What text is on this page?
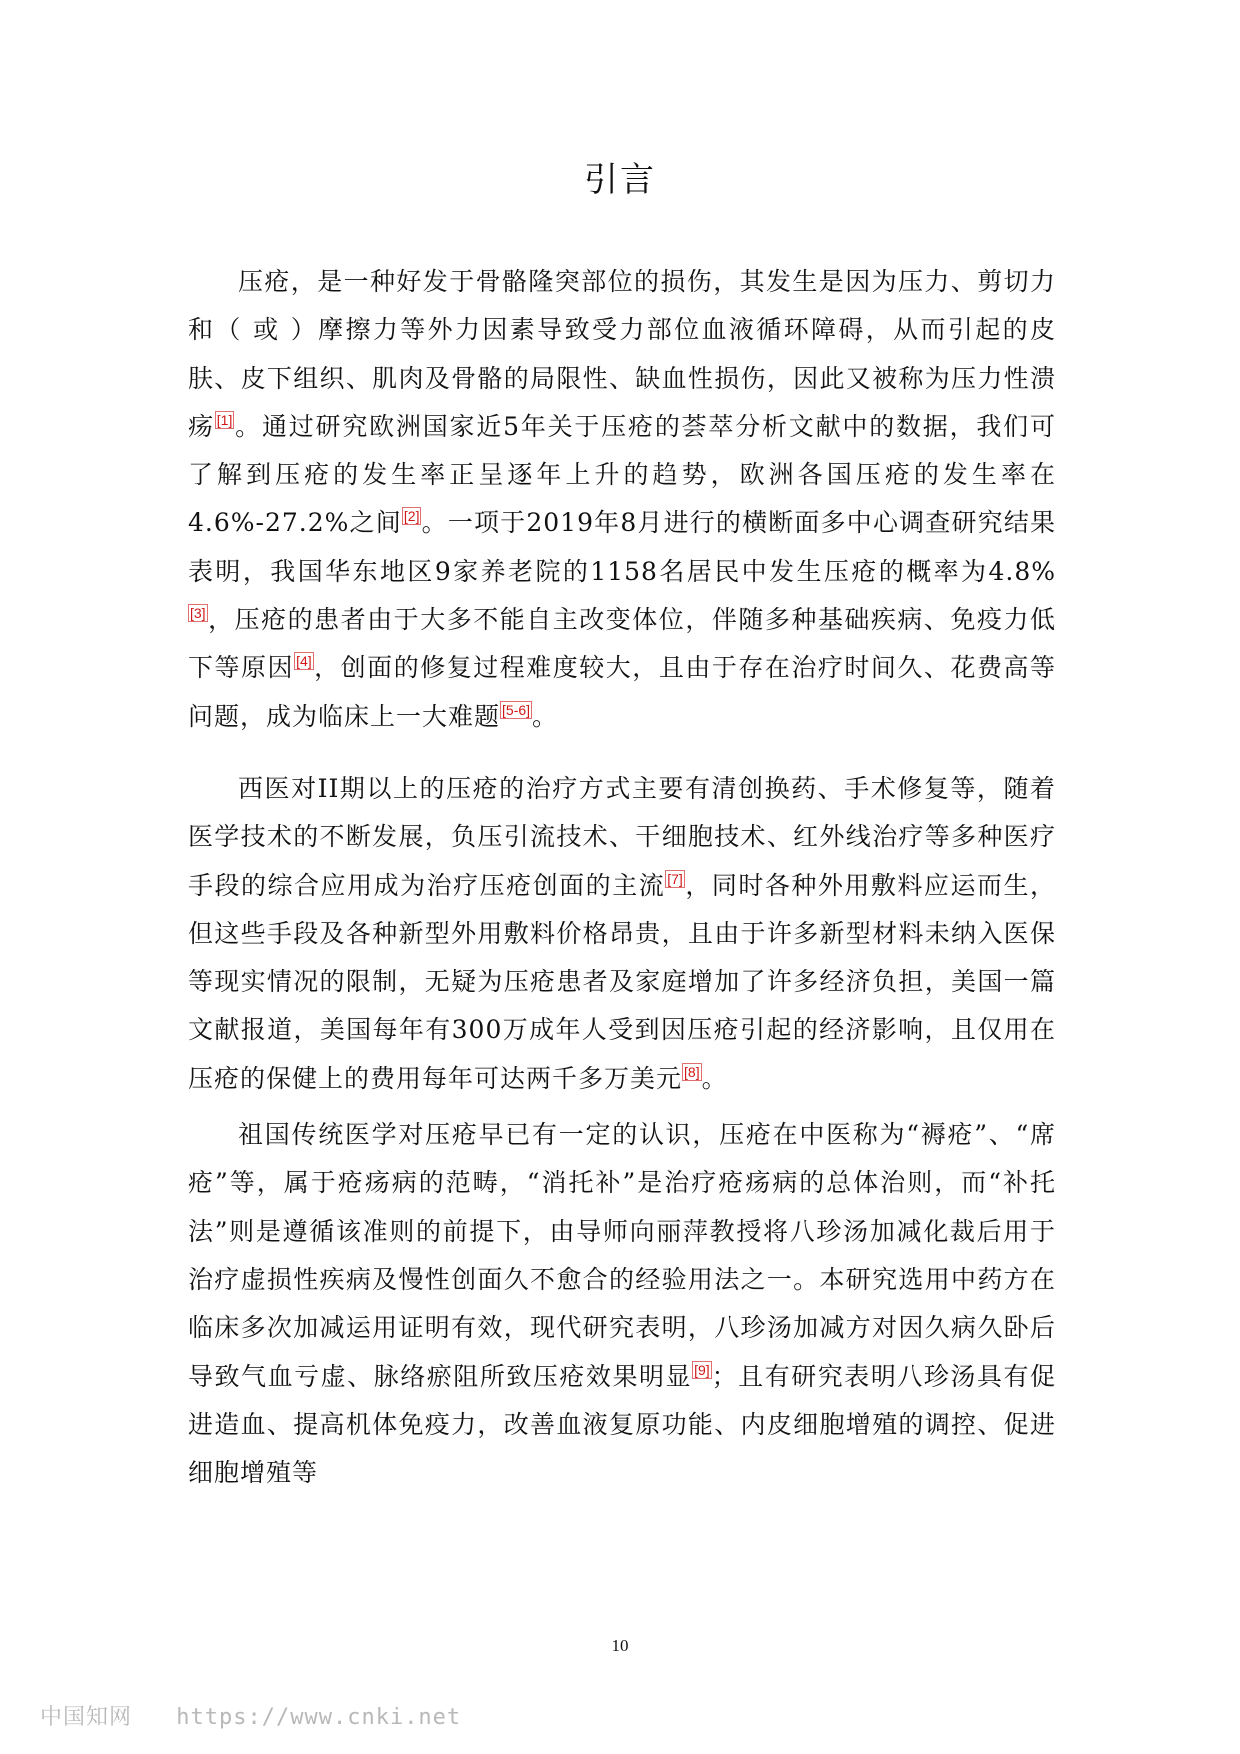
引言

压疮，是一种好发于骨骼隆突部位的损伤，其发生是因为压力、剪切力和（ 或 ）摩擦力等外力因素导致受力部位血液循环障碍，从而引起的皮肤、皮下组织、肌肉及骨骼的局限性、缺血性损伤，因此又被称为压力性溃疡 [1]。通过研究欧洲国家近5年关于压疮的荟萃分析文献中的数据，我们可了解到压疮的发生率正呈逐年上升的趋势，欧洲各国压疮的发生率在4.6%-27.2%之间 [2]。一项于2019年8月进行的横断面多中心调查研究结果表明，我国华东地区9家养老院的1158名居民中发生压疮的概率为4.8%[3]，压疮的患者由于大多不能自主改变体位，伴随多种基础疾病、免疫力低下等原因 [4]，创面的修复过程难度较大，且由于存在治疗时间久、花费高等问题，成为临床上一大难题 [5-6]。

西医对II期以上的压疮的治疗方式主要有清创换药、手术修复等，随着医学技术的不断发展，负压引流技术、干细胞技术、红外线治疗等多种医疗手段的综合应用成为治疗压疮创面的主流 [7]，同时各种外用敷料应运而生，但这些手段及各种新型外用敷料价格昂贵，且由于许多新型材料未纳入医保等现实情况的限制，无疑为压疮患者及家庭增加了许多经济负担，美国一篇文献报道，美国每年有300万成年人受到因压疮引起的经济影响，且仅用在压疮的保健上的费用每年可达两千多万美元 [8]。

祖国传统医学对压疮早已有一定的认识，压疮在中医称为“褥疮”、“席疮”等，属于疮疡病的范畴，“消托补”是治疗疮疡病的总体治则，而“补托法”则是遵循该准则的前提下，由导师向丽萍教授将八珍汤加减化裁后用于治疗虚损性疾病及慢性创面久不愈合的经验用法之一。本研究选用中药方在临床多次加减运用证明有效，现代研究表明，八珍汤加减方对因久病久卧后导致气血亏虚、脉络瘀阻所致压疮效果明显 [9]；且有研究表明八珍汤具有促进造血、提高机体免疫力，改善血液复原功能、内皮细胞增殖的调控、促进细胞增殖等

10
中国知网 https://www.cnki.net
